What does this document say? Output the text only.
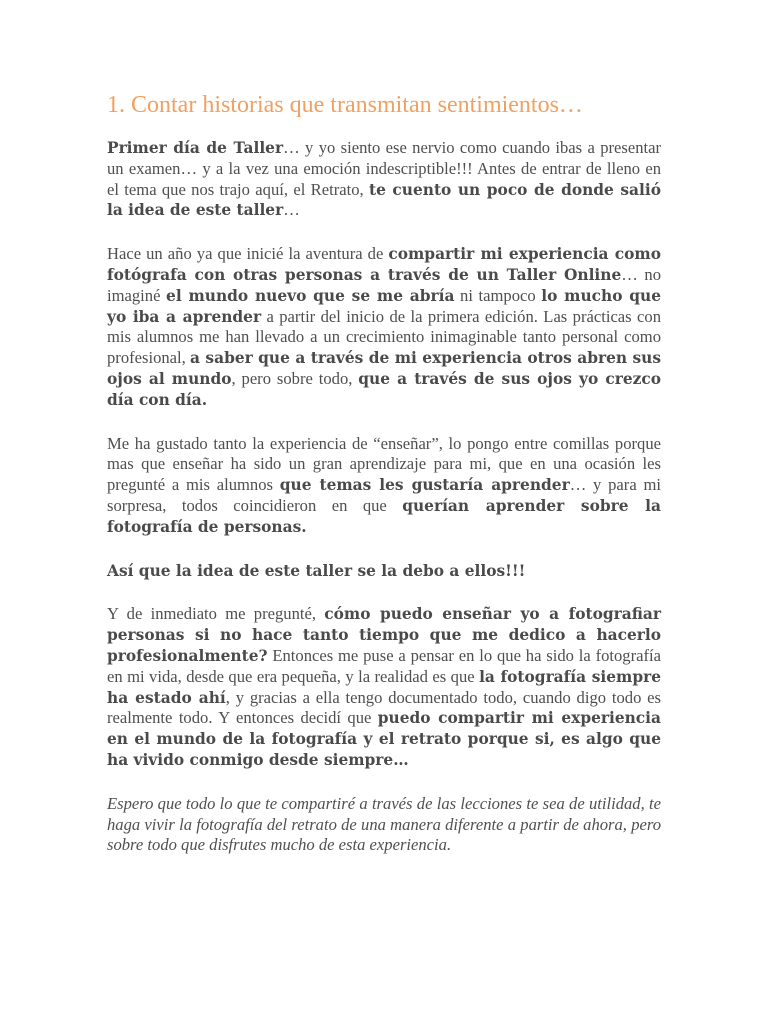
1. Contar historias que transmitan sentimientos…

Primer día de Taller… y yo siento ese nervio como cuando ibas a presentar un examen… y a la vez una emoción indescriptible!!! Antes de entrar de lleno en el tema que nos trajo aquí, el Retrato, te cuento un poco de donde salió la idea de este taller…

Hace un año ya que inicié la aventura de compartir mi experiencia como fotógrafa con otras personas a través de un Taller Online… no imaginé el mundo nuevo que se me abría ni tampoco lo mucho que yo iba a aprender a partir del inicio de la primera edición. Las prácticas con mis alumnos me han llevado a un crecimiento inimaginable tanto personal como profesional, a saber que a través de mi experiencia otros abren sus ojos al mundo, pero sobre todo, que a través de sus ojos yo crezco día con día.

Me ha gustado tanto la experiencia de “enseñar”, lo pongo entre comillas porque mas que enseñar ha sido un gran aprendizaje para mi, que en una ocasión les pregunté a mis alumnos que temas les gustaría aprender… y para mi sorpresa, todos coincidieron en que querían aprender sobre la fotografía de personas.

Así que la idea de este taller se la debo a ellos!!!

Y de inmediato me pregunté, cómo puedo enseñar yo a fotografiar personas si no hace tanto tiempo que me dedico a hacerlo profesionalmente? Entonces me puse a pensar en lo que ha sido la fotografía en mi vida, desde que era pequeña, y la realidad es que la fotografía siempre ha estado ahí, y gracias a ella tengo documentado todo, cuando digo todo es realmente todo. Y entonces decidí que puedo compartir mi experiencia en el mundo de la fotografía y el retrato porque si, es algo que ha vivido conmigo desde siempre…

Espero que todo lo que te compartiré a través de las lecciones te sea de utilidad, te haga vivir la fotografía del retrato de una manera diferente a partir de ahora, pero sobre todo que disfrutes mucho de esta experiencia.
